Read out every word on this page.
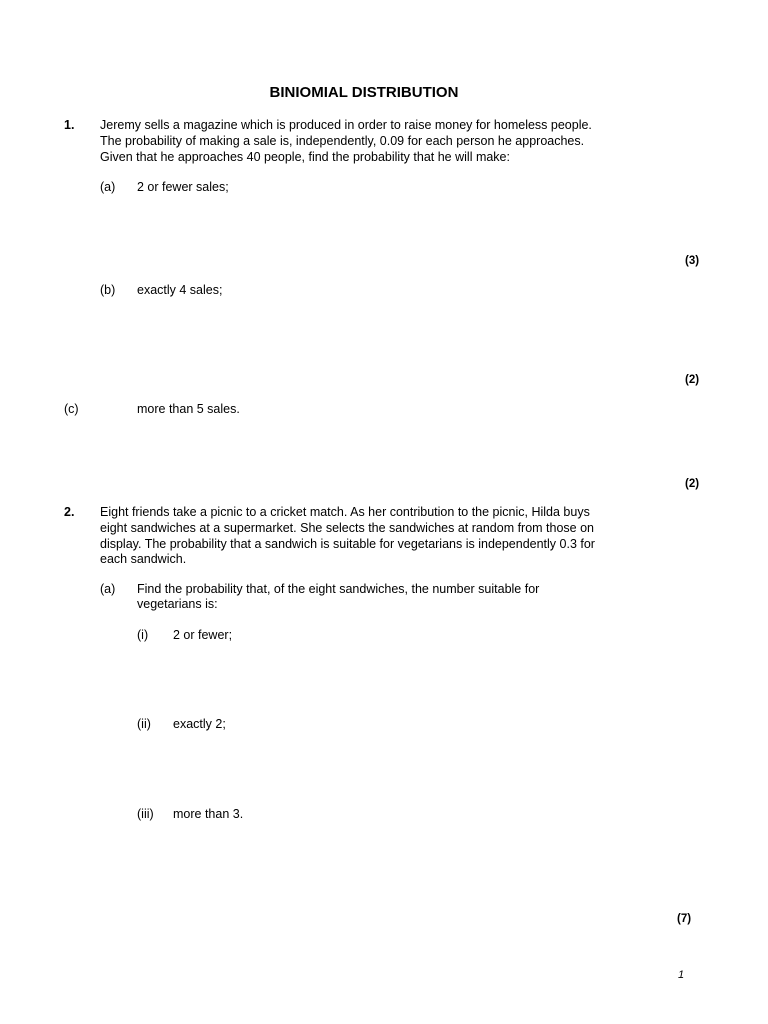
BINIOMIAL DISTRIBUTION
1. Jeremy sells a magazine which is produced in order to raise money for homeless people.
The probability of making a sale is, independently, 0.09 for each person he approaches.
Given that he approaches 40 people, find the probability that he will make:
(a) 2 or fewer sales;
(3)
(b) exactly 4 sales;
(2)
(c)	more than 5 sales.
(2)
2. Eight friends take a picnic to a cricket match. As her contribution to the picnic, Hilda buys
eight sandwiches at a supermarket. She selects the sandwiches at random from those on
display. The probability that a sandwich is suitable for vegetarians is independently 0.3 for
each sandwich.
(a) Find the probability that, of the eight sandwiches, the number suitable for
vegetarians is:
(i) 2 or fewer;
(ii) exactly 2;
(iii) more than 3.
(7)
1
